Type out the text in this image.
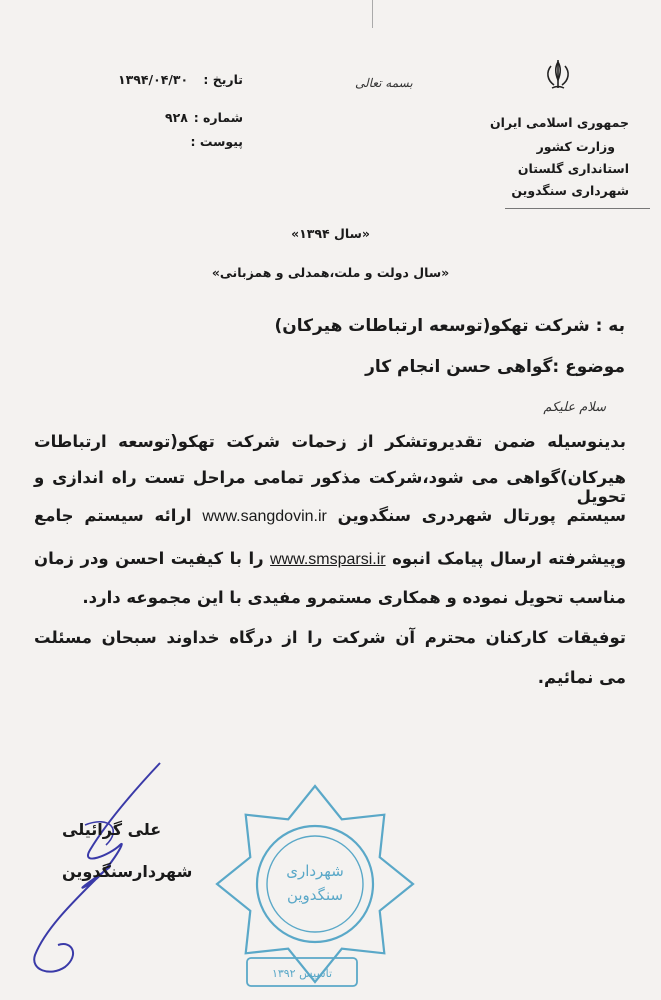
جمهوری اسلامی ایران
وزارت کشور
استانداری گلستان
شهرداری سنگدوین
بسمه تعالی
تاریخ :
۱۳۹۴/۰۴/۳۰
شماره :
۹۲۸
پیوست :
«سال ۱۳۹۴»
«سال دولت و ملت،همدلی و همزبانی»
به : شرکت تهکو(توسعه ارتباطات هیرکان)
موضوع :گواهی حسن انجام کار
سلام علیکم
بدینوسیله ضمن تقدیروتشکر از زحمات شرکت تهکو(توسعه ارتباطات
هیرکان)گواهی می شود،شرکت مذکور تمامی مراحل تست راه اندازی و تحویل
سیستم پورتال شهردری سنگدوین www.sangdovin.ir ارائه سیستم جامع
وپیشرفته ارسال پیامک انبوه www.smsparsi.ir را با کیفیت احسن ودر زمان
مناسب تحویل نموده و همکاری مستمرو مفیدی با این مجموعه دارد.
توفیقات کارکنان محترم آن شرکت را از درگاه خداوند سبحان مسئلت
می نمائیم.
شهرداری
سنگدوین
تاسیس ۱۳۹۲
علی گرائیلی
شهردارسنگدوین
